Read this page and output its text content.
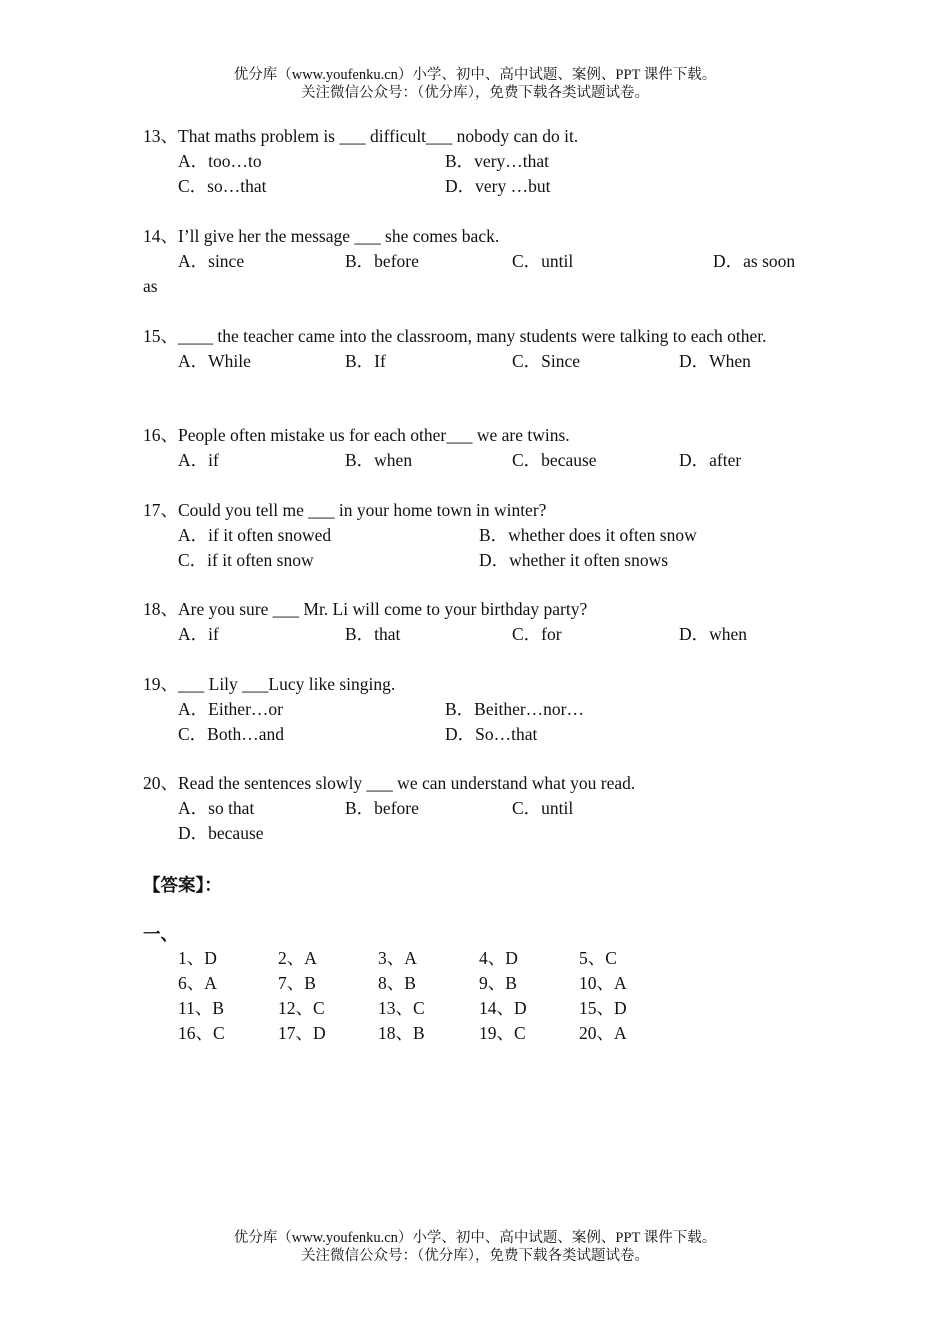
优分库（www.youfenku.cn）小学、初中、高中试题、案例、PPT 课件下载。
关注微信公众号：（优分库），免费下载各类试题试卷。
13、That maths problem is ___ difficult___ nobody can do it.
A．too…to	B．very…that
C．so…that	D．very …but
14、I’ll give her the message ___ she comes back.
A．since	B．before	C．until	D．as soon
as
15、____ the teacher came into the classroom, many students were talking to each other.
A．While	B．If	C．Since	D．When
16、People often mistake us for each other___ we are twins.
A．if	B．when	C．because	D．after
17、Could you tell me ___ in your home town in winter?
A．if it often snowed	B．whether does it often snow
C．if it often snow	D．whether it often snows
18、Are you sure ___ Mr. Li will come to your birthday party?
A．if	B．that	C．for	D．when
19、___ Lily ___Lucy like singing.
A．Either…or	B．Beither…nor…
C．Both…and	D．So…that
20、Read the sentences slowly ___ we can understand what you read.
A．so that	B．before	C．until
D．because
【答案】：
一、
1、D	2、A	3、A	4、D	5、C
6、A	7、B	8、B	9、B	10、A
11、B	12、C	13、C	14、D	15、D
16、C	17、D	18、B	19、C	20、A
优分库（www.youfenku.cn）小学、初中、高中试题、案例、PPT 课件下载。
关注微信公众号：（优分库），免费下载各类试题试卷。
